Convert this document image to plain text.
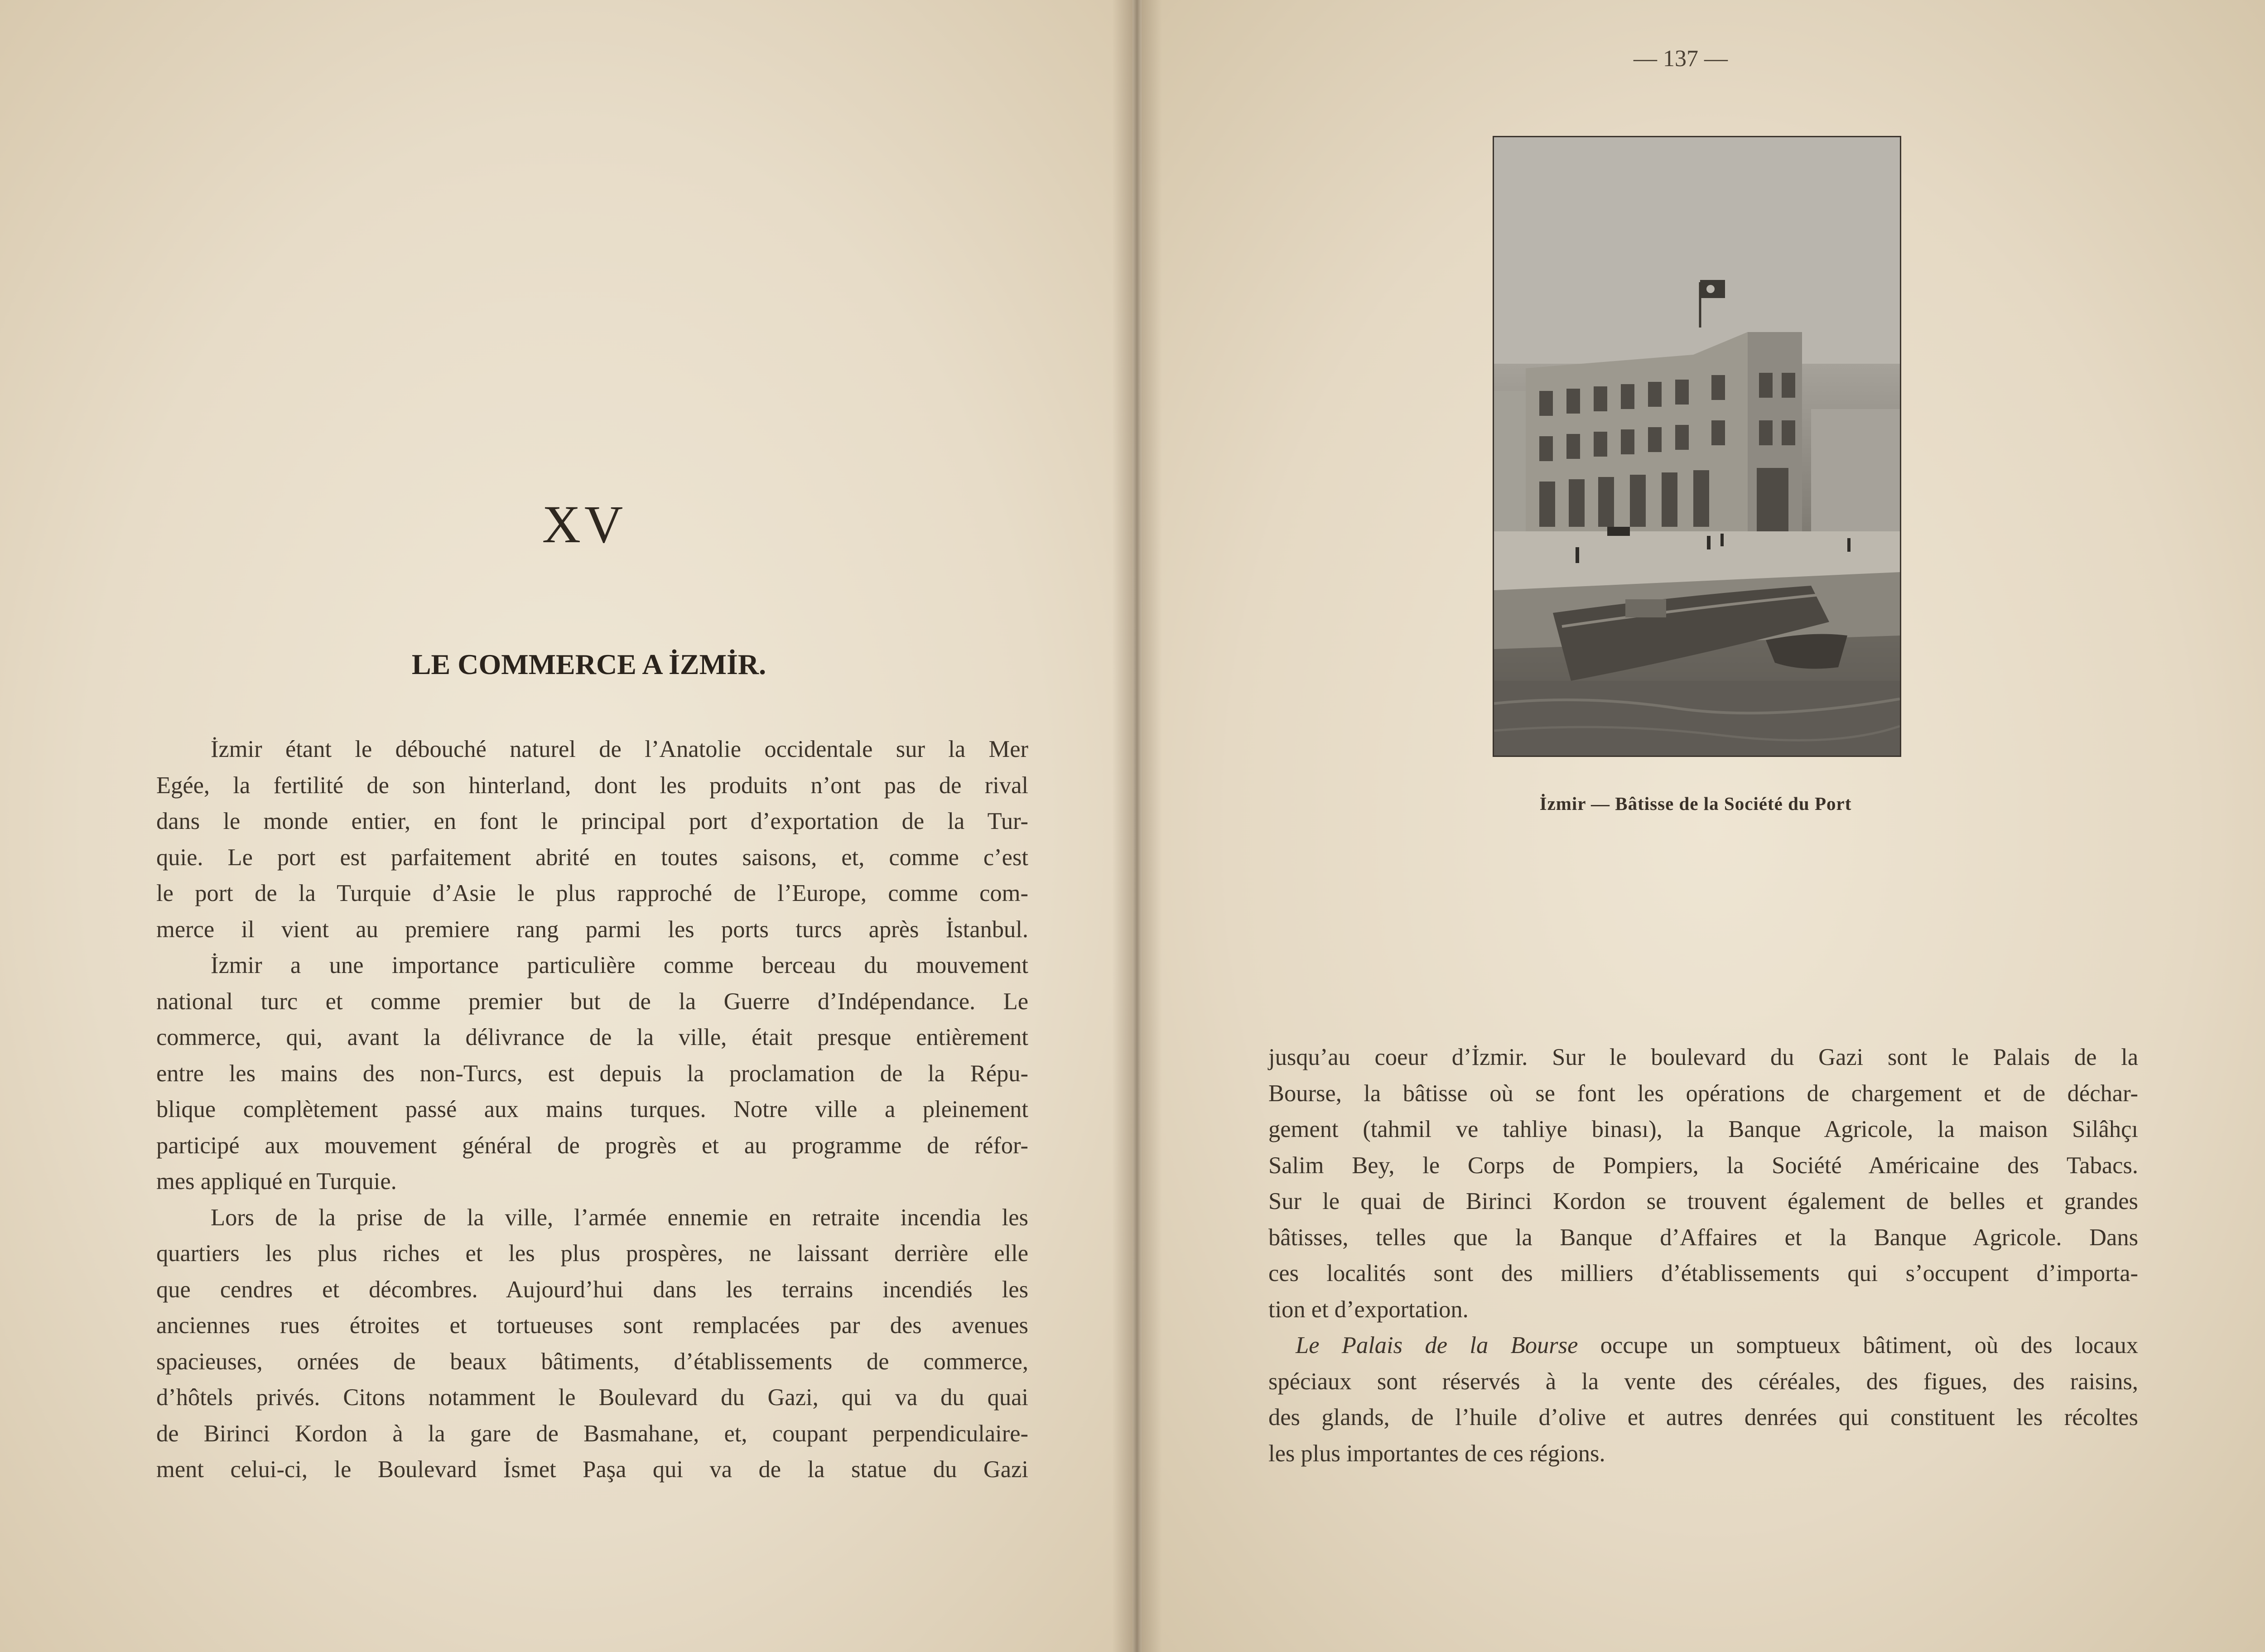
XV
LE COMMERCE A İZMİR.

İzmir étant le débouché naturel de l’Anatolie occidentale sur la Mer
Egée, la fertilité de son hinterland, dont les produits n’ont pas de rival
dans le monde entier, en font le principal port d’exportation de la Tur-
quie. Le port est parfaitement abrité en toutes saisons, et, comme c’est
le port de la Turquie d’Asie le plus rapproché de l’Europe, comme com-
merce il vient au premiere rang parmi les ports turcs après İstanbul.

İzmir a une importance particulière comme berceau du mouvement
national turc et comme premier but de la Guerre d’Indépendance. Le
commerce, qui, avant la délivrance de la ville, était presque entièrement
entre les mains des non-Turcs, est depuis la proclamation de la Répu-
blique complètement passé aux mains turques. Notre ville a pleinement
participé aux mouvement général de progrès et au programme de réfor-
mes appliqué en Turquie.

Lors de la prise de la ville, l’armée ennemie en retraite incendia les
quartiers les plus riches et les plus prospères, ne laissant derrière elle
que cendres et décombres. Aujourd’hui dans les terrains incendiés les
anciennes rues étroites et tortueuses sont remplacées par des avenues
spacieuses, ornées de beaux bâtiments, d’établissements de commerce,
d’hôtels privés. Citons notamment le Boulevard du Gazi, qui va du quai
de Birinci Kordon à la gare de Basmahane, et, coupant perpendiculaire-
ment celui-ci, le Boulevard İsmet Paşa qui va de la statue du Gazi

— 137 —
İzmir — Bâtisse de la Société du Port

jusqu’au coeur d’İzmir. Sur le boulevard du Gazi sont le Palais de la
Bourse, la bâtisse où se font les opérations de chargement et de déchar-
gement (tahmil ve tahliye binası), la Banque Agricole, la maison Silâhçı
Salim Bey, le Corps de Pompiers, la Société Américaine des Tabacs.
Sur le quai de Birinci Kordon se trouvent également de belles et grandes
bâtisses, telles que la Banque d’Affaires et la Banque Agricole. Dans
ces localités sont des milliers d’établissements qui s’occupent d’importa-
tion et d’exportation.

Le Palais de la Bourse occupe un somptueux bâtiment, où des locaux
spéciaux sont réservés à la vente des céréales, des figues, des raisins,
des glands, de l’huile d’olive et autres denrées qui constituent les récoltes
les plus importantes de ces régions.
